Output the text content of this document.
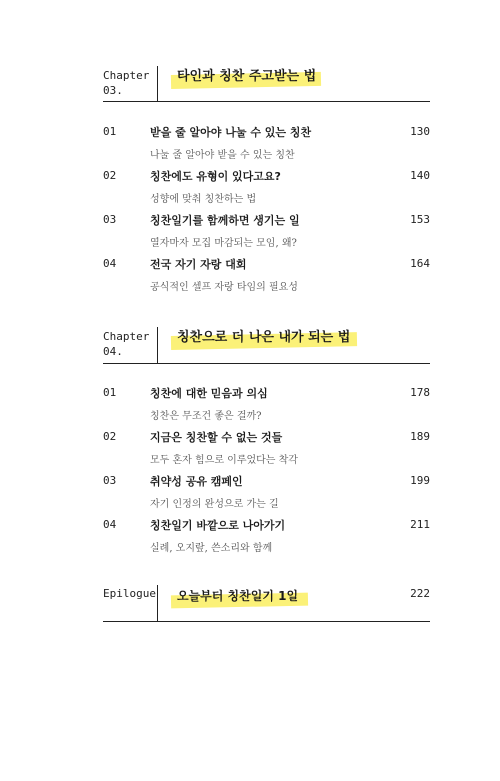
Chapter
03.
타인과 칭찬 주고받는 법
01	받을 줄 알아야 나눌 수 있는 칭찬
나눌 줄 알아야 받을 수 있는 칭찬
130
02	칭찬에도 유형이 있다고요?
성향에 맞춰 칭찬하는 법
140
03	칭찬일기를 함께하면 생기는 일
열자마자 모집 마감되는 모임, 왜?
153
04	전국 자기 자랑 대회
공식적인 셀프 자랑 타임의 필요성
164
Chapter
04.
칭찬으로 더 나은 내가 되는 법
01	칭찬에 대한 믿음과 의심
칭찬은 무조건 좋은 걸까?
178
02	지금은 칭찬할 수 없는 것들
모두 혼자 힘으로 이루었다는 착각
189
03	취약성 공유 캠페인
자기 인정의 완성으로 가는 길
199
04	칭찬일기 바깥으로 나아가기
실례, 오지랖, 쓴소리와 함께
211
Epilogue 오늘부터 칭찬일기 1일	222
